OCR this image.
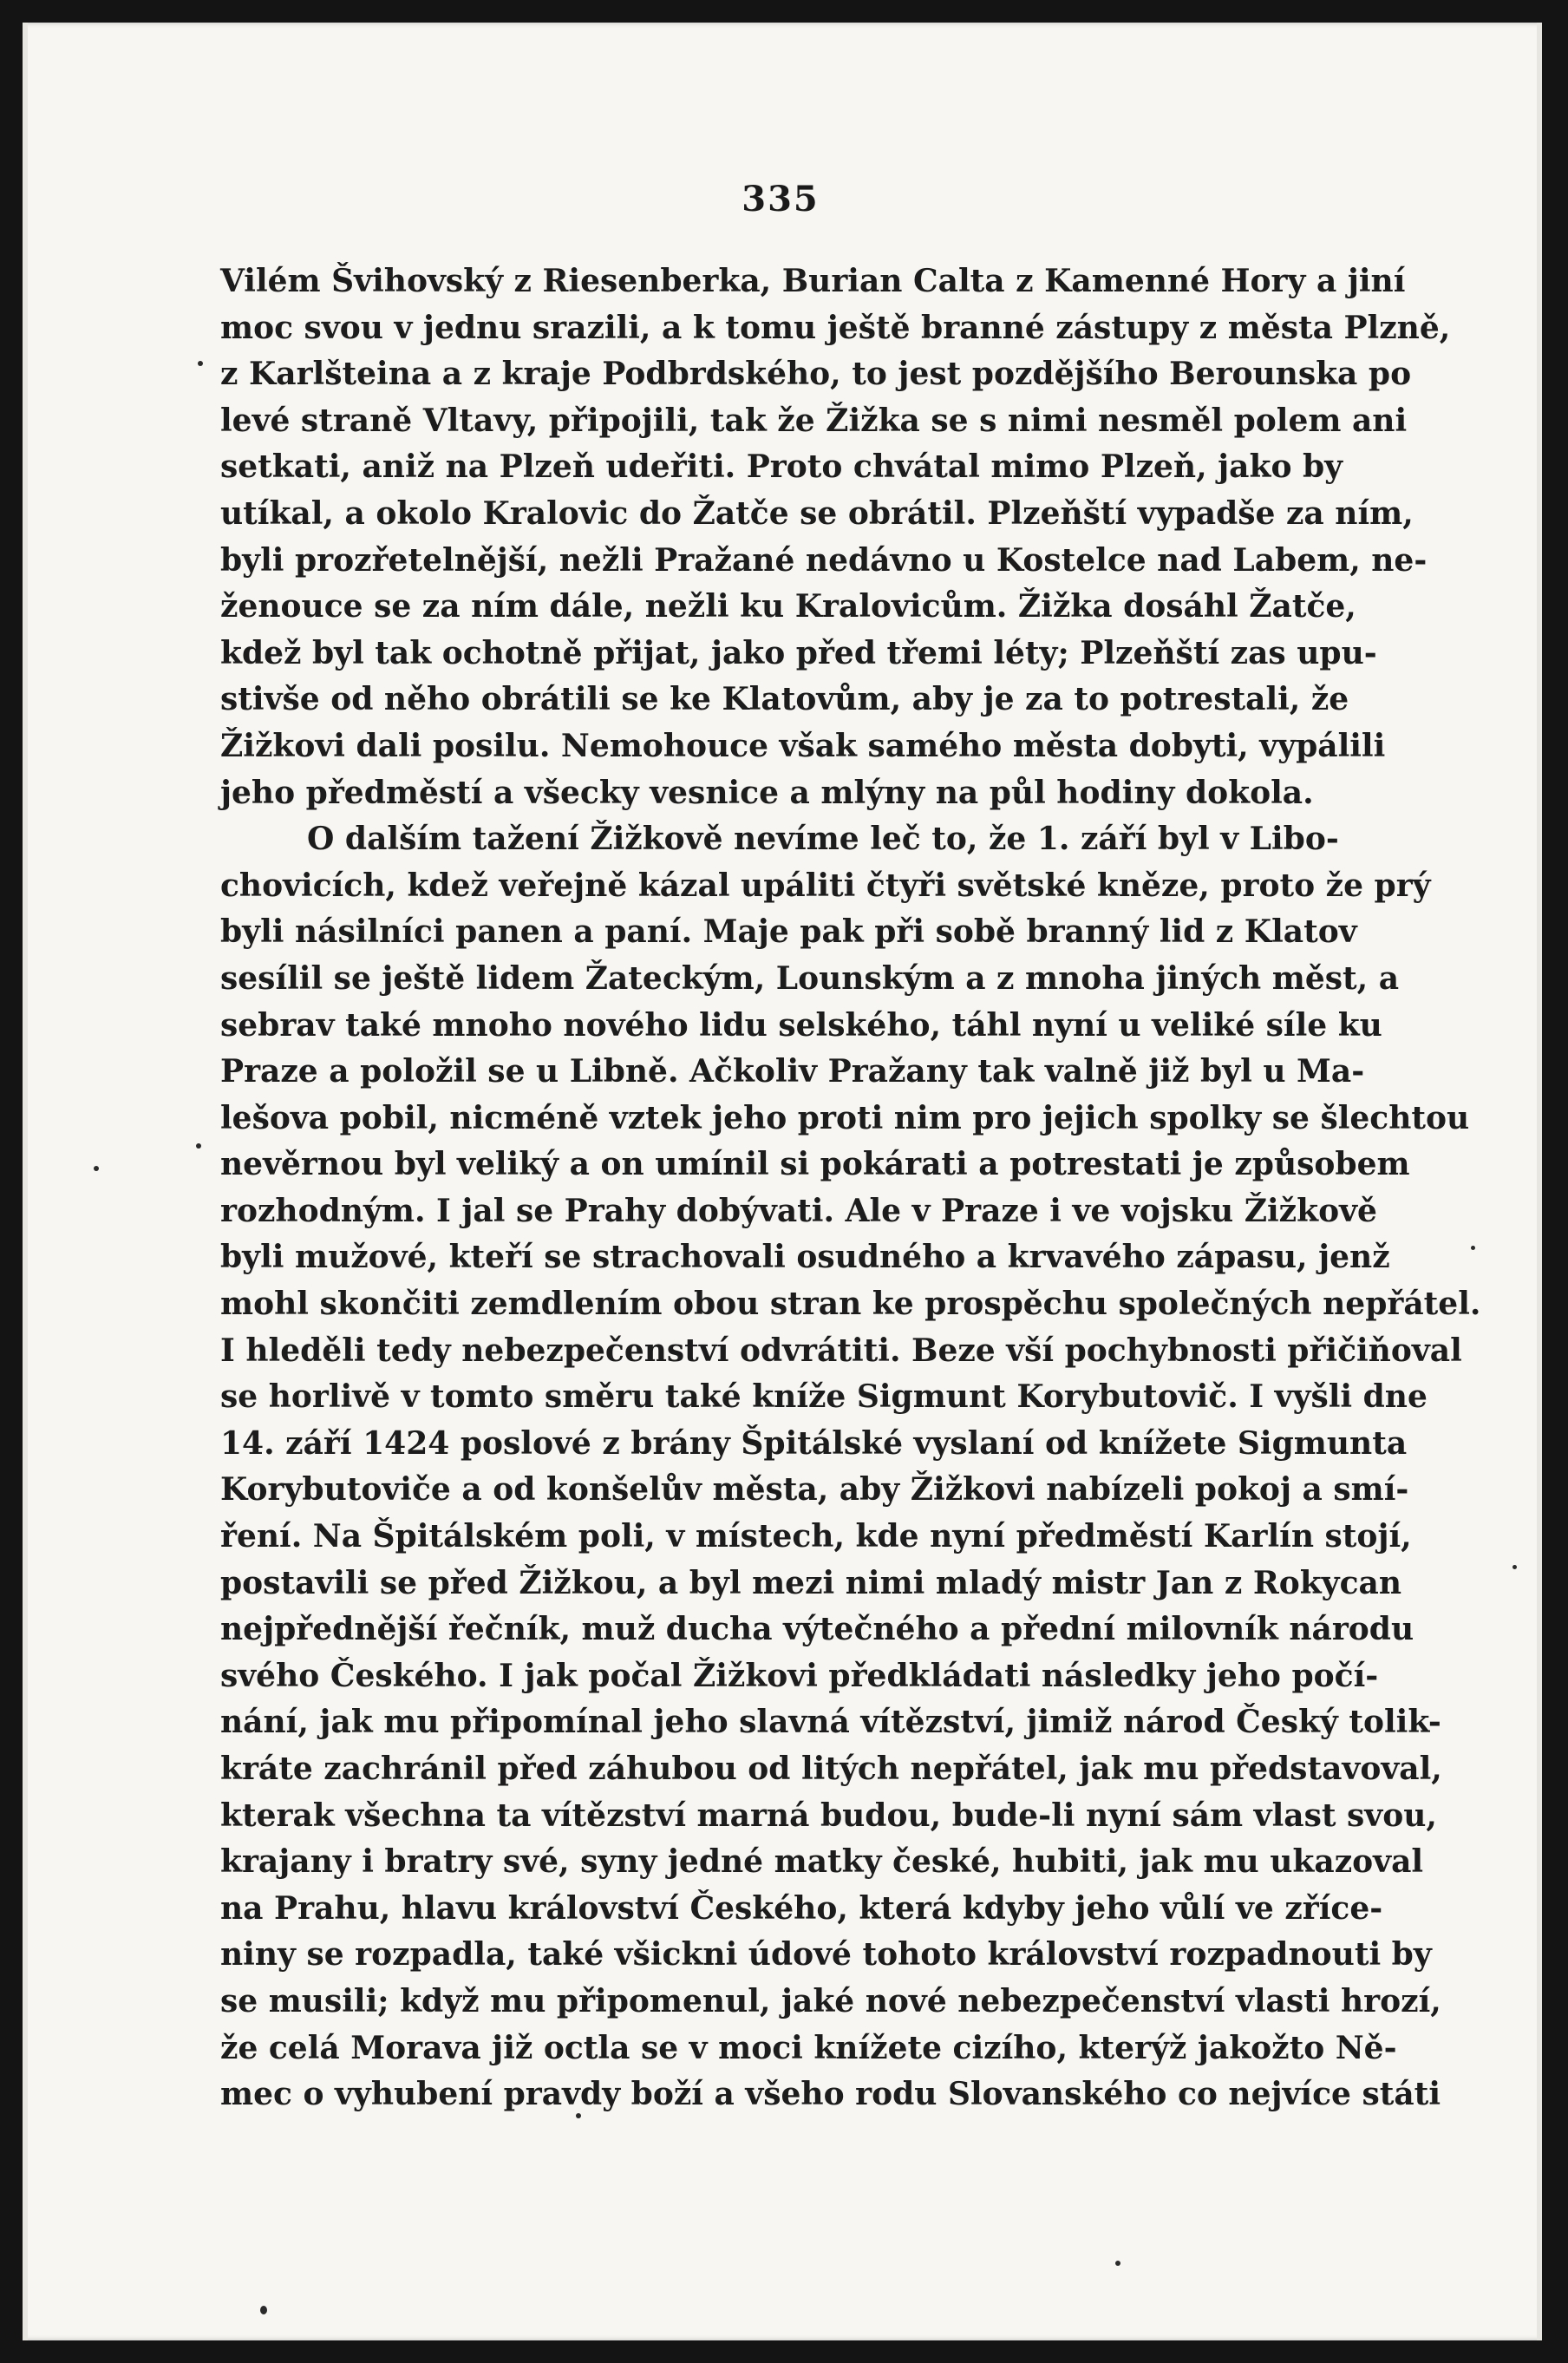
335
Vilém Švihovský z Riesenberka, Burian Calta z Kamenné Hory a jiní
moc svou v jednu srazili, a k tomu ještě branné zástupy z města Plzně,
z Karlšteina a z kraje Podbrdského, to jest pozdějšího Berounska po
levé straně Vltavy, připojili, tak že Žižka se s nimi nesměl polem ani
setkati, aniž na Plzeň udeřiti. Proto chvátal mimo Plzeň, jako by
utíkal, a okolo Kralovic do Žatče se obrátil. Plzeňští vypadše za ním,
byli prozřetelnější, nežli Pražané nedávno u Kostelce nad Labem, ne-
ženouce se za ním dále, nežli ku Kralovicům. Žižka dosáhl Žatče,
kdež byl tak ochotně přijat, jako před třemi léty; Plzeňští zas upu-
stivše od něho obrátili se ke Klatovům, aby je za to potrestali, že
Žižkovi dali posilu. Nemohouce však samého města dobyti, vypálili
jeho předměstí a všecky vesnice a mlýny na půl hodiny dokola.
O dalším tažení Žižkově nevíme leč to, že 1. září byl v Libo-
chovicích, kdež veřejně kázal upáliti čtyři světské kněze, proto že prý
byli násilníci panen a paní. Maje pak při sobě branný lid z Klatov
sesílil se ještě lidem Žateckým, Lounským a z mnoha jiných měst, a
sebrav také mnoho nového lidu selského, táhl nyní u veliké síle ku
Praze a položil se u Libně. Ačkoliv Pražany tak valně již byl u Ma-
lešova pobil, nicméně vztek jeho proti nim pro jejich spolky se šlechtou
nevěrnou byl veliký a on umínil si pokárati a potrestati je způsobem
rozhodným. I jal se Prahy dobývati. Ale v Praze i ve vojsku Žižkově
byli mužové, kteří se strachovali osudného a krvavého zápasu, jenž
mohl skončiti zemdlením obou stran ke prospěchu společných nepřátel.
I hleděli tedy nebezpečenství odvrátiti. Beze vší pochybnosti přičiňoval
se horlivě v tomto směru také kníže Sigmunt Korybutovič. I vyšli dne
14. září 1424 poslové z brány Špitálské vyslaní od knížete Sigmunta
Korybutoviče a od konšelův města, aby Žižkovi nabízeli pokoj a smí-
ření. Na Špitálském poli, v místech, kde nyní předměstí Karlín stojí,
postavili se před Žižkou, a byl mezi nimi mladý mistr Jan z Rokycan
nejpřednější řečník, muž ducha výtečného a přední milovník národu
svého Českého. I jak počal Žižkovi předkládati následky jeho počí-
nání, jak mu připomínal jeho slavná vítězství, jimiž národ Český tolik-
kráte zachránil před záhubou od litých nepřátel, jak mu představoval,
kterak všechna ta vítězství marná budou, bude-li nyní sám vlast svou,
krajany i bratry své, syny jedné matky české, hubiti, jak mu ukazoval
na Prahu, hlavu království Českého, která kdyby jeho vůlí ve zříce-
niny se rozpadla, také všickni údové tohoto království rozpadnouti by
se musili; když mu připomenul, jaké nové nebezpečenství vlasti hrozí,
že celá Morava již octla se v moci knížete cizího, kterýž jakožto Ně-
mec o vyhubení pravdy boží a všeho rodu Slovanského co nejvíce státi
